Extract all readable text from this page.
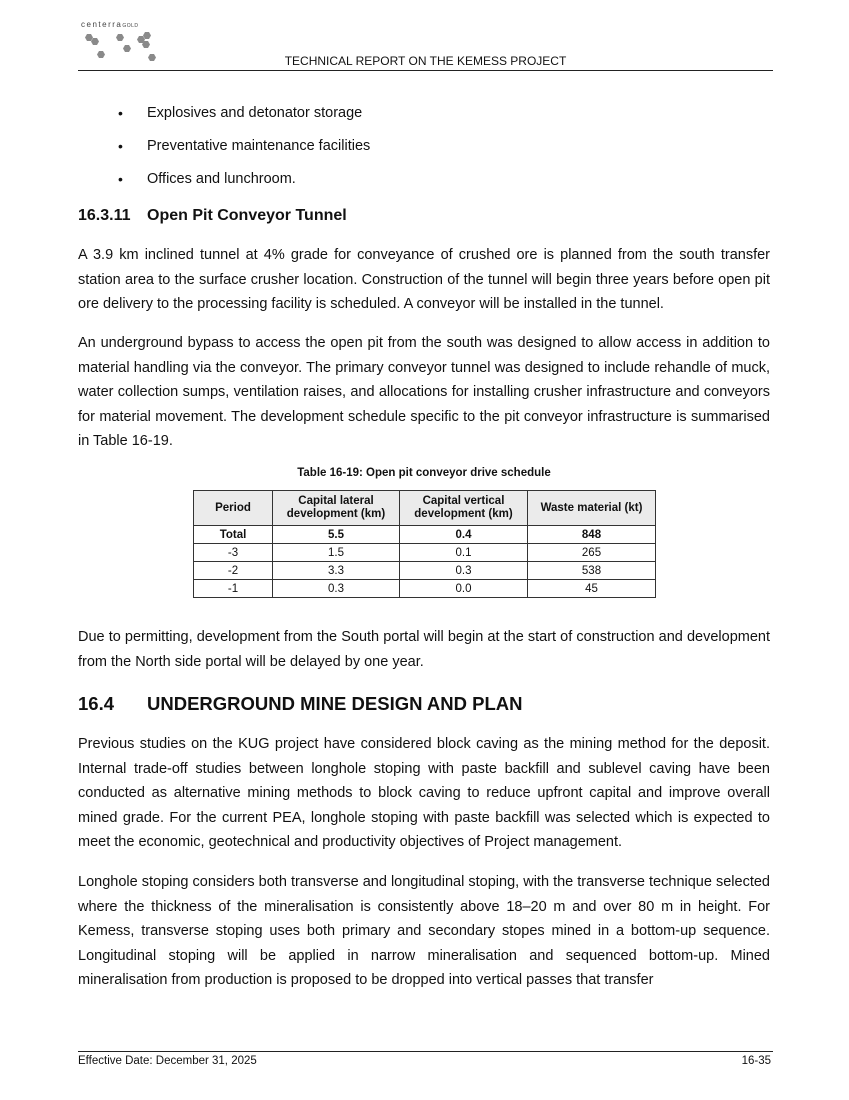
centerraGOLD
TECHNICAL REPORT ON THE KEMESS PROJECT
• Explosives and detonator storage
• Preventative maintenance facilities
• Offices and lunchroom.
16.3.11 Open Pit Conveyor Tunnel

A 3.9 km inclined tunnel at 4% grade for conveyance of crushed ore is planned from the south transfer station area to the surface crusher location. Construction of the tunnel will begin three years before open pit ore delivery to the processing facility is scheduled. A conveyor will be installed in the tunnel.

An underground bypass to access the open pit from the south was designed to allow access in addition to material handling via the conveyor. The primary conveyor tunnel was designed to include rehandle of muck, water collection sumps, ventilation raises, and allocations for installing crusher infrastructure and conveyors for material movement. The development schedule specific to the pit conveyor infrastructure is summarised in Table 16-19.

Table 16-19: Open pit conveyor drive schedule
Period	Capital lateral development (km)	Capital vertical development (km)	Waste material (kt)
Total	5.5	0.4	848
-3	1.5	0.1	265
-2	3.3	0.3	538
-1	0.3	0.0	45

Due to permitting, development from the South portal will begin at the start of construction and development from the North side portal will be delayed by one year.

16.4 UNDERGROUND MINE DESIGN AND PLAN

Previous studies on the KUG project have considered block caving as the mining method for the deposit. Internal trade-off studies between longhole stoping with paste backfill and sublevel caving have been conducted as alternative mining methods to block caving to reduce upfront capital and improve overall mined grade. For the current PEA, longhole stoping with paste backfill was selected which is expected to meet the economic, geotechnical and productivity objectives of Project management.

Longhole stoping considers both transverse and longitudinal stoping, with the transverse technique selected where the thickness of the mineralisation is consistently above 18–20 m and over 80 m in height. For Kemess, transverse stoping uses both primary and secondary stopes mined in a bottom-up sequence. Longitudinal stoping will be applied in narrow mineralisation and sequenced bottom-up. Mined mineralisation from production is proposed to be dropped into vertical passes that transfer

Effective Date: December 31, 2025	16-35
